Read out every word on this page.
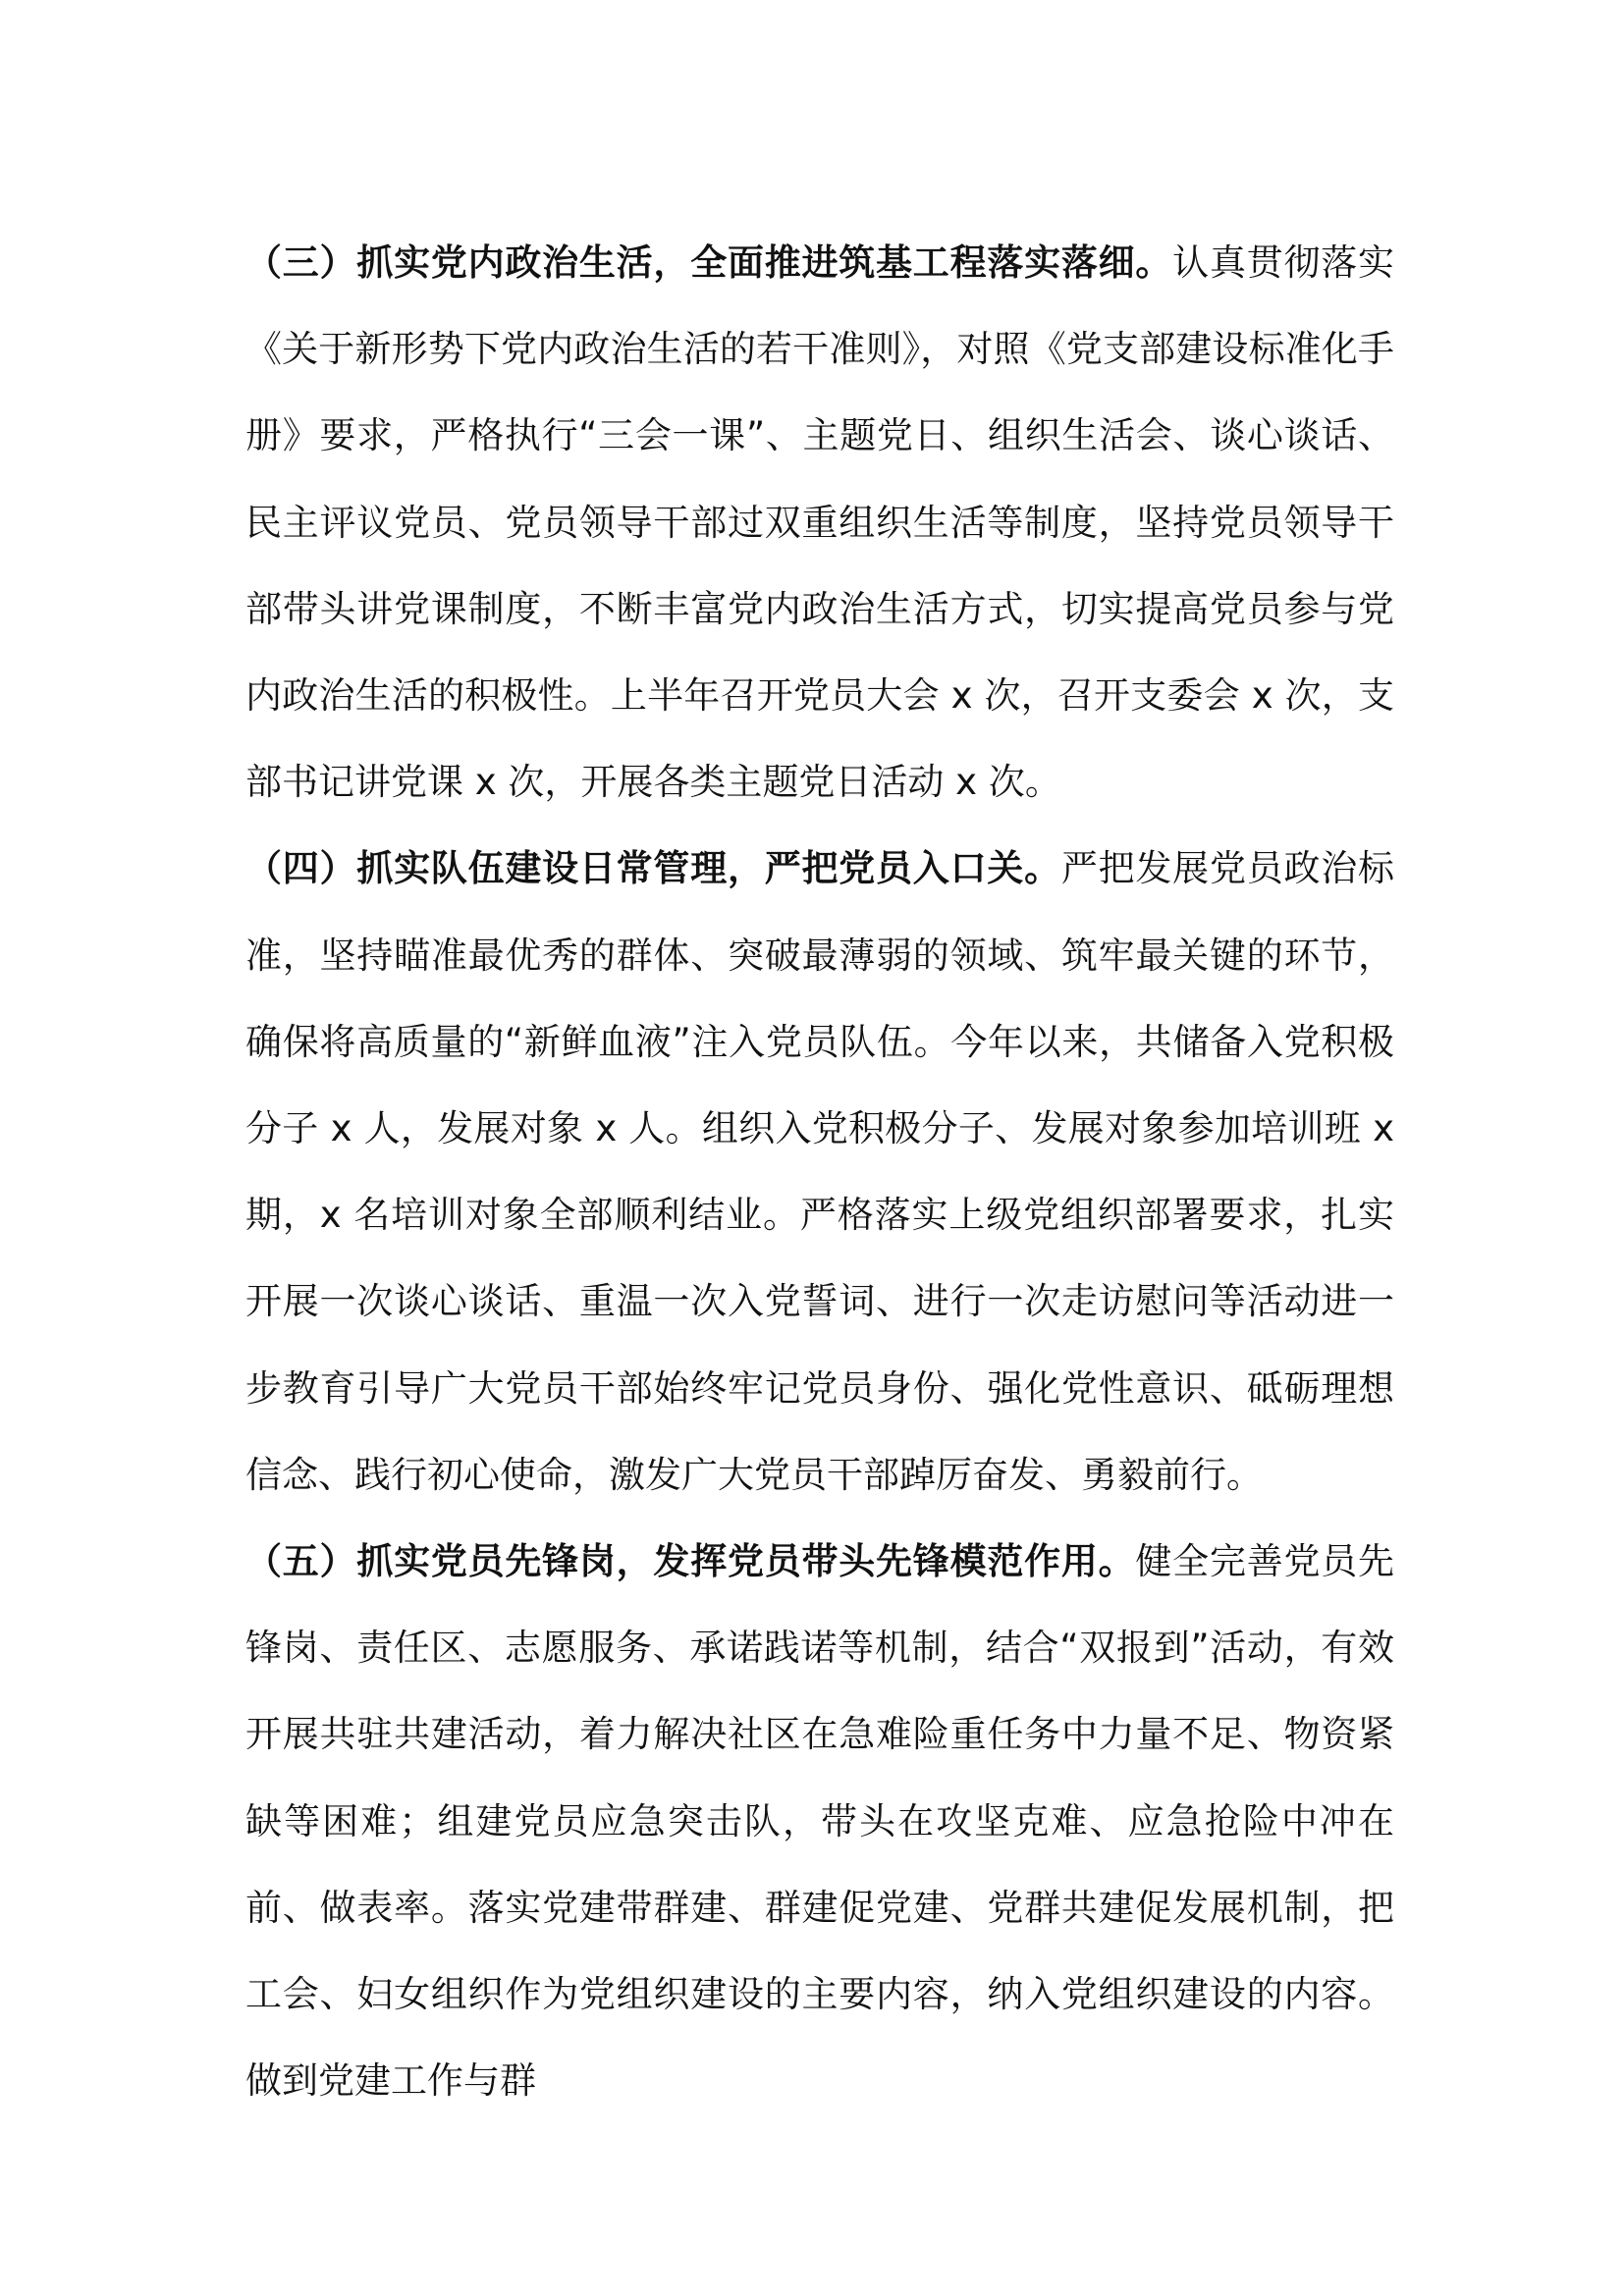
（三）抓实党内政治生活，全面推进筑基工程落实落细。认真贯彻落实《关于新形势下党内政治生活的若干准则》，对照《党支部建设标准化手册》要求，严格执行“三会一课”、主题党日、组织生活会、谈心谈话、民主评议党员、党员领导干部过双重组织生活等制度，坚持党员领导干部带头讲党课制度，不断丰富党内政治生活方式，切实提高党员参与党内政治生活的积极性。上半年召开党员大会 x 次，召开支委会 x 次，支部书记讲党课 x 次，开展各类主题党日活动 x 次。

（四）抓实队伍建设日常管理，严把党员入口关。严把发展党员政治标准，坚持瞄准最优秀的群体、突破最薄弱的领域、筑牢最关键的环节，确保将高质量的“新鲜血液”注入党员队伍。今年以来，共储备入党积极分子 x 人，发展对象 x 人。组织入党积极分子、发展对象参加培训班 x 期，x 名培训对象全部顺利结业。严格落实上级党组织部署要求，扎实开展一次谈心谈话、重温一次入党誓词、进行一次走访慰问等活动进一步教育引导广大党员干部始终牢记党员身份、强化党性意识、砥砺理想信念、践行初心使命，激发广大党员干部踔厉奋发、勇毅前行。

（五）抓实党员先锋岗，发挥党员带头先锋模范作用。健全完善党员先锋岗、责任区、志愿服务、承诺践诺等机制，结合“双报到”活动，有效开展共驻共建活动，着力解决社区在急难险重任务中力量不足、物资紧缺等困难；组建党员应急突击队，带头在攻坚克难、应急抢险中冲在前、做表率。落实党建带群建、群建促党建、党群共建促发展机制，把工会、妇女组织作为党组织建设的主要内容，纳入党组织建设的内容。做到党建工作与群
